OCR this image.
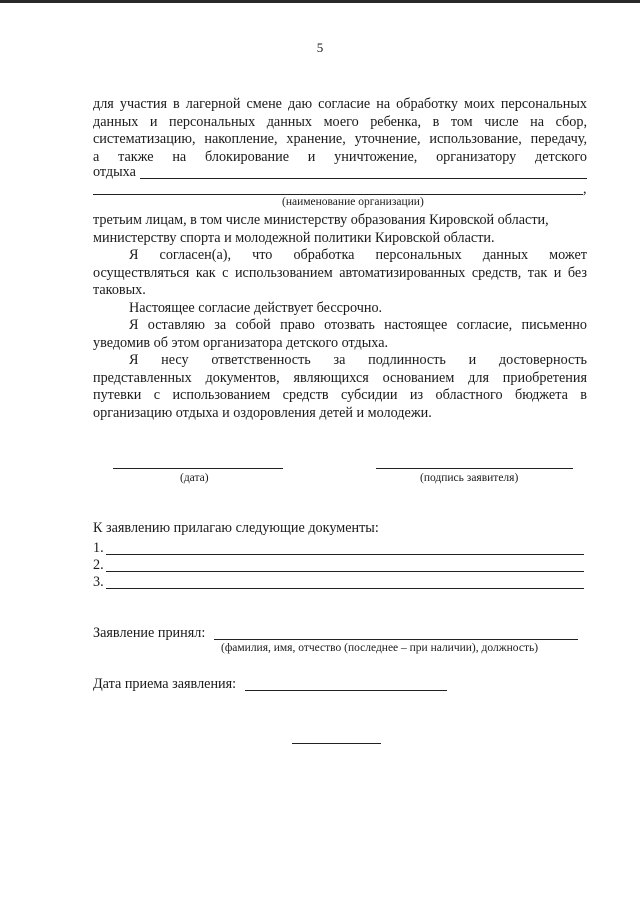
5

для участия в лагерной смене даю согласие на обработку моих персональных

данных и персональных данных моего ребенка, в том числе на сбор,

систематизацию, накопление, хранение, уточнение, использование, передачу,

а также на блокирование и уничтожение, организатору детского

отдыха
,
(наименование организации)

третьим лицам, в том числе министерству образования Кировской области,

министерству спорта и молодежной политики Кировской области.

Я согласен(а), что обработка персональных данных может

осуществляться как с использованием автоматизированных средств, так и без

таковых.

Настоящее согласие действует бессрочно.

Я оставляю за собой право отозвать настоящее согласие, письменно

уведомив об этом организатора детского отдыха.

Я несу ответственность за подлинность и достоверность

представленных документов, являющихся основанием для приобретения

путевки с использованием средств субсидии из областного бюджета в

организацию отдыха и оздоровления детей и молодежи.

(дата)	(подпись заявителя)
К заявлению прилагаю следующие документы:
1.
2.
3.
Заявление принял:
(фамилия, имя, отчество (последнее – при наличии), должность)
Дата приема заявления:
